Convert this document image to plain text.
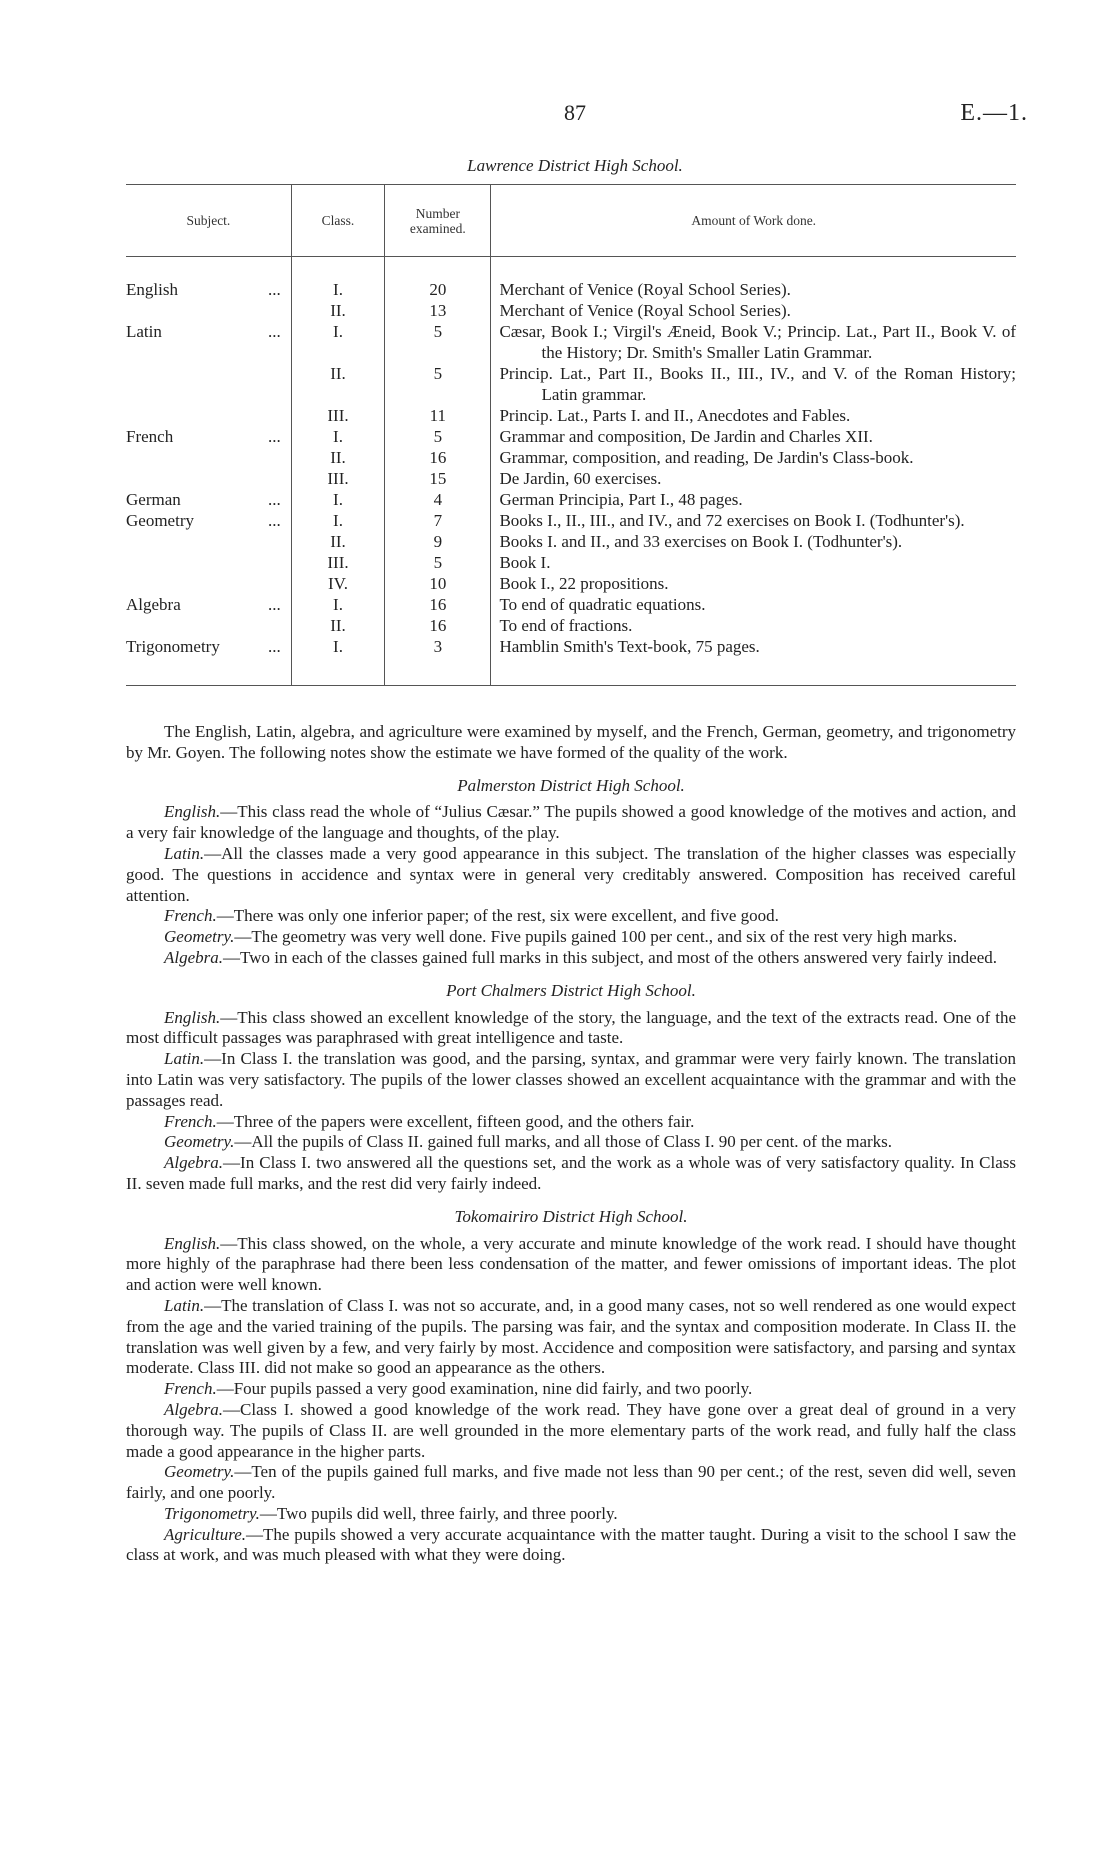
87	E.—1.
Lawrence District High School.
Subject.	Class.	Number examined.	Amount of Work done.

English ...	I.	20	Merchant of Venice (Royal School Series).

	II.	13	Merchant of Venice (Royal School Series).

Latin ...	I.	5	Cæsar, Book I.; Virgil's Æneid, Book V.; Princip. Lat., Part II., Book V. of the History; Dr. Smith's Smaller Latin Grammar.

	II.	5	Princip. Lat., Part II., Books II., III., IV., and V. of the Roman History; Latin grammar.

	III.	11	Princip. Lat., Parts I. and II., Anecdotes and Fables.

French ...	I.	5	Grammar and composition, De Jardin and Charles XII.

	II.	16	Grammar, composition, and reading, De Jardin's Class-book.

	III.	15	De Jardin, 60 exercises.

German ...	I.	4	German Principia, Part I., 48 pages.

Geometry ...	I.	7	Books I., II., III., and IV., and 72 exercises on Book I. (Todhunter's).

	II.	9	Books I. and II., and 33 exercises on Book I. (Todhunter's).

	III.	5	Book I.

	IV.	10	Book I., 22 propositions.

Algebra ...	I.	16	To end of quadratic equations.

	II.	16	To end of fractions.

Trigonometry ...	I.	3	Hamblin Smith's Text-book, 75 pages.

The English, Latin, algebra, and agriculture were examined by myself, and the French, German, geometry, and trigonometry by Mr. Goyen. The following notes show the estimate we have formed of the quality of the work.

Palmerston District High School.

English.—This class read the whole of “Julius Cæsar.” The pupils showed a good knowledge of the motives and action, and a very fair knowledge of the language and thoughts, of the play.

Latin.—All the classes made a very good appearance in this subject. The translation of the higher classes was especially good. The questions in accidence and syntax were in general very creditably answered. Composition has received careful attention.

French.—There was only one inferior paper; of the rest, six were excellent, and five good.

Geometry.—The geometry was very well done. Five pupils gained 100 per cent., and six of the rest very high marks.

Algebra.—Two in each of the classes gained full marks in this subject, and most of the others answered very fairly indeed.

Port Chalmers District High School.

English.—This class showed an excellent knowledge of the story, the language, and the text of the extracts read. One of the most difficult passages was paraphrased with great intelligence and taste.

Latin.—In Class I. the translation was good, and the parsing, syntax, and grammar were very fairly known. The translation into Latin was very satisfactory. The pupils of the lower classes showed an excellent acquaintance with the grammar and with the passages read.

French.—Three of the papers were excellent, fifteen good, and the others fair.

Geometry.—All the pupils of Class II. gained full marks, and all those of Class I. 90 per cent. of the marks.

Algebra.—In Class I. two answered all the questions set, and the work as a whole was of very satisfactory quality. In Class II. seven made full marks, and the rest did very fairly indeed.

Tokomairiro District High School.

English.—This class showed, on the whole, a very accurate and minute knowledge of the work read. I should have thought more highly of the paraphrase had there been less condensation of the matter, and fewer omissions of important ideas. The plot and action were well known.

Latin.—The translation of Class I. was not so accurate, and, in a good many cases, not so well rendered as one would expect from the age and the varied training of the pupils. The parsing was fair, and the syntax and composition moderate. In Class II. the translation was well given by a few, and very fairly by most. Accidence and composition were satisfactory, and parsing and syntax moderate. Class III. did not make so good an appearance as the others.

French.—Four pupils passed a very good examination, nine did fairly, and two poorly.

Algebra.—Class I. showed a good knowledge of the work read. They have gone over a great deal of ground in a very thorough way. The pupils of Class II. are well grounded in the more elementary parts of the work read, and fully half the class made a good appearance in the higher parts.

Geometry.—Ten of the pupils gained full marks, and five made not less than 90 per cent.; of the rest, seven did well, seven fairly, and one poorly.

Trigonometry.—Two pupils did well, three fairly, and three poorly.

Agriculture.—The pupils showed a very accurate acquaintance with the matter taught. During a visit to the school I saw the class at work, and was much pleased with what they were doing.
